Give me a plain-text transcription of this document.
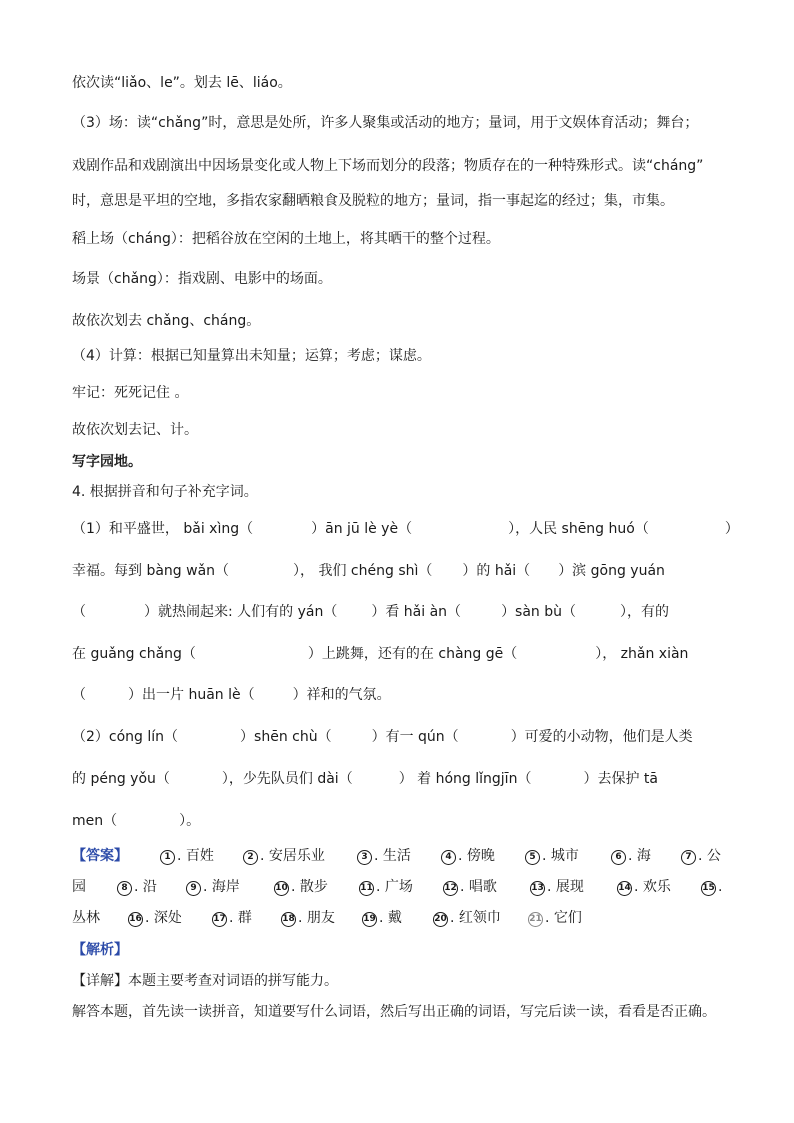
依次读“liǎo、le”。划去 lē、liáo。
（3）场：读“chǎng”时，意思是处所，许多人聚集或活动的地方；量词，用于文娱体育活动；舞台；
戏剧作品和戏剧演出中因场景变化或人物上下场而划分的段落；物质存在的一种特殊形式。读“cháng”
时，意思是平坦的空地，多指农家翻晒粮食及脱粒的地方；量词，指一事起迄的经过；集，市集。
稻上场（cháng）：把稻谷放在空闲的土地上，将其晒干的整个过程。
场景（chǎng）：指戏剧、电影中的场面。
故依次划去 chǎng、cháng。
（4）计算：根据已知量算出未知量；运算；考虑；谋虑。
牢记：死死记住 。
故依次划去记、计。
写字园地。
4. 根据拼音和句子补充字词。
（1）和平盛世， bǎi xìng（	）ān jū lè yè（	），人民 shēng huó（	）
幸福。每到 bàng wǎn（	）， 我们 chéng shì（ ）的 hǎi（ ）滨 gōng yuán
（	）就热闹起来: 人们有的 yán（ ）看 hǎi àn（	）sàn bù（	），有的
在 guǎng chǎng（	）上跳舞，还有的在 chàng gē（	）， zhǎn xiàn
（	）出一片 huān lè（	）祥和的气氛。
（2）cóng lín（	）shēn chù（	）有一 qún（	）可爱的小动物，他们是人类
的 péng yǒu（	），少先队员们 dài（	） 着 hóng lǐngjīn（	）去保护 tā
men（	）。
【答案】	1 . 百姓	2 . 安居乐业	3 . 生活	4 . 傍晚	5 . 城市	6 . 海	7 . 公
园	8 . 沿	9 . 海岸	10 . 散步	11 . 广场	12 . 唱歌	13 . 展现	14 . 欢乐	15 .
丛林	16 . 深处	17 . 群	18 . 朋友	19 . 戴	20 . 红领巾	21 . 它们
【解析】
【详解】本题主要考查对词语的拼写能力。
解答本题，首先读一读拼音，知道要写什么词语，然后写出正确的词语，写完后读一读，看看是否正确。
